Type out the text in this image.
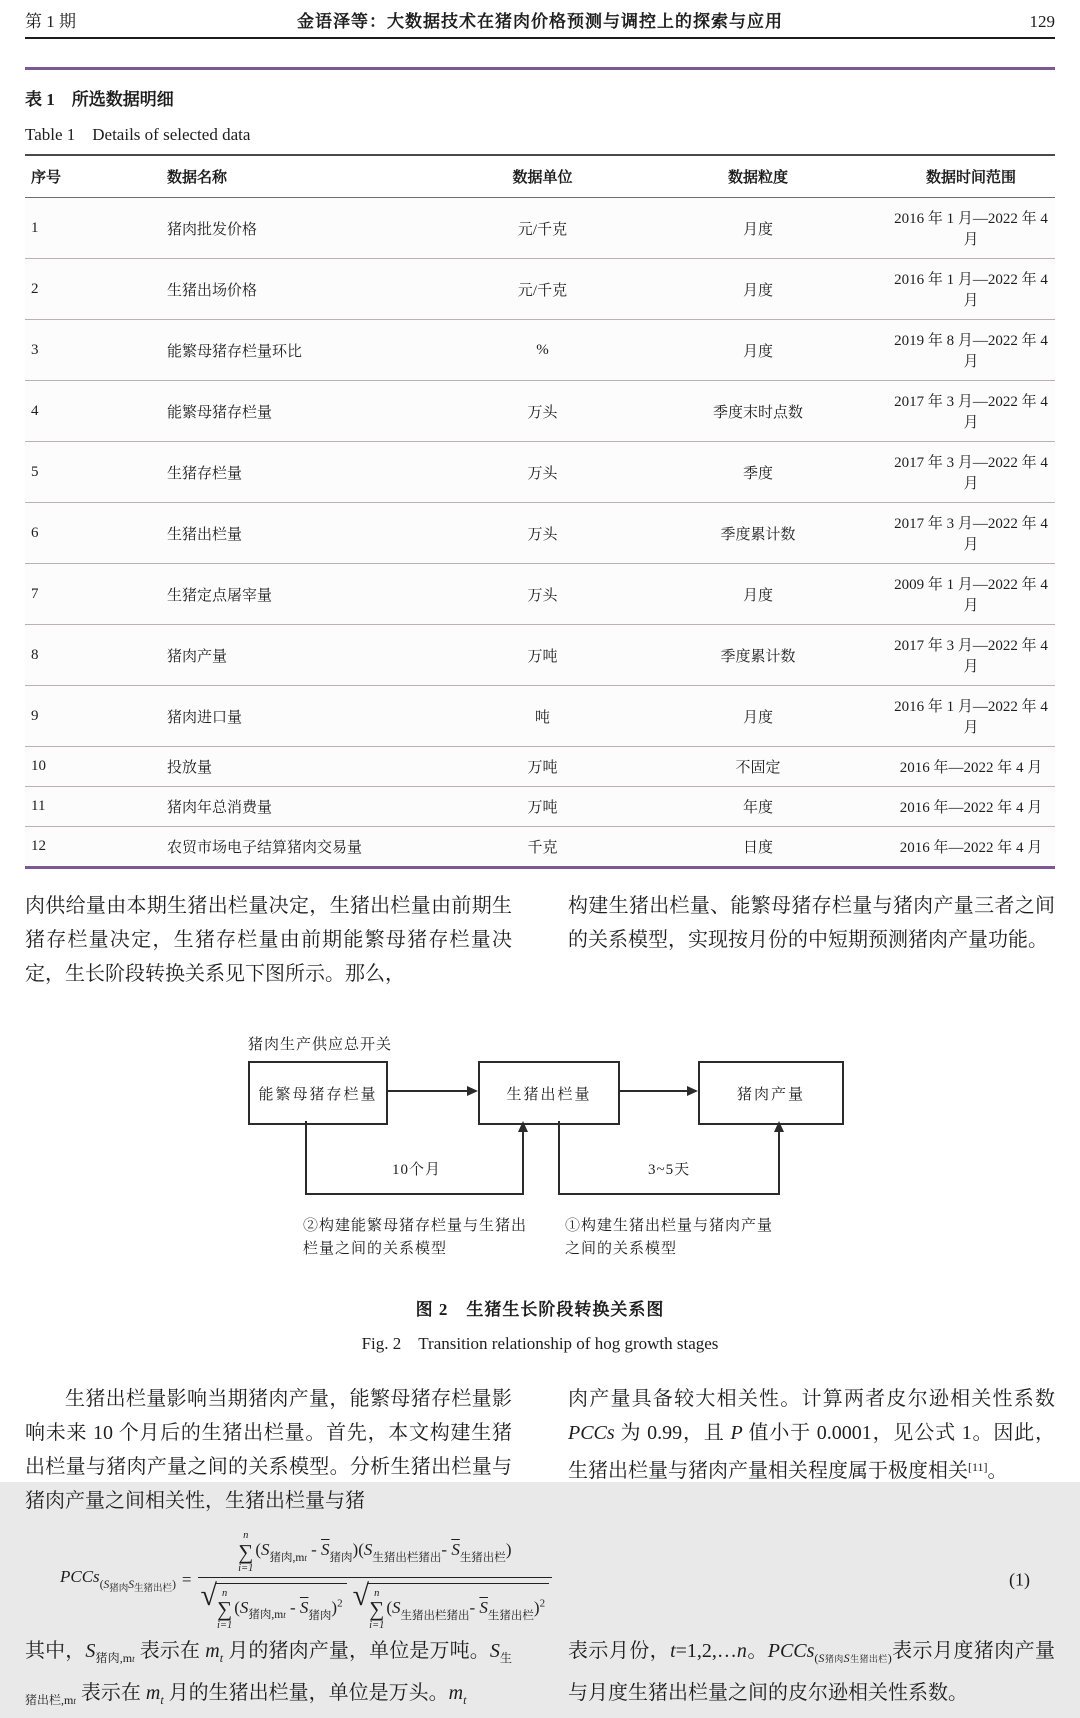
第 1 期	金语泽等：大数据技术在猪肉价格预测与调控上的探索与应用	129
表 1　所选数据明细
Table 1　Details of selected data
序号	数据名称	数据单位	数据粒度	数据时间范围
1	猪肉批发价格	元/千克	月度	2016 年 1 月—2022 年 4 月
2	生猪出场价格	元/千克	月度	2016 年 1 月—2022 年 4 月
3	能繁母猪存栏量环比	%	月度	2019 年 8 月—2022 年 4 月
4	能繁母猪存栏量	万头	季度末时点数	2017 年 3 月—2022 年 4 月
5	生猪存栏量	万头	季度	2017 年 3 月—2022 年 4 月
6	生猪出栏量	万头	季度累计数	2017 年 3 月—2022 年 4 月
7	生猪定点屠宰量	万头	月度	2009 年 1 月—2022 年 4 月
8	猪肉产量	万吨	季度累计数	2017 年 3 月—2022 年 4 月
9	猪肉进口量	吨	月度	2016 年 1 月—2022 年 4 月
10	投放量	万吨	不固定	2016 年—2022 年 4 月
11	猪肉年总消费量	万吨	年度	2016 年—2022 年 4 月
12	农贸市场电子结算猪肉交易量	千克	日度	2016 年—2022 年 4 月

肉供给量由本期生猪出栏量决定，生猪出栏量由前期生猪存栏量决定，生猪存栏量由前期能繁母猪存栏量决定，生长阶段转换关系见下图所示。那么，

构建生猪出栏量、能繁母猪存栏量与猪肉产量三者之间的关系模型，实现按月份的中短期预测猪肉产量功能。

猪肉生产供应总开关
能繁母猪存栏量	生猪出栏量	猪肉产量
10个月	3~5天
②构建能繁母猪存栏量与生猪出
栏量之间的关系模型
①构建生猪出栏量与猪肉产量
之间的关系模型
图 2　生猪生长阶段转换关系图
Fig. 2　Transition relationship of hog growth stages

生猪出栏量影响当期猪肉产量，能繁母猪存栏量影响未来 10 个月后的生猪出栏量。首先，本文构建生猪出栏量与猪肉产量之间的关系模型。分析生猪出栏量与猪肉产量之间相关性，生猪出栏量与猪

肉产量具备较大相关性。计算两者皮尔逊相关性系数 PCCs 为 0.99，且 P 值小于 0.0001，见公式 1。因此，生猪出栏量与猪肉产量相关程度属于极度相关[11]。

PCCs$_{(S_{猪肉}S_{生猪出栏})}$ = n
∑
i=1
$(S_{猪肉,mt} - \overline{S}_{猪肉})(S_{生猪出栏猪出}-$ $\overline{S}_{生猪出栏}$)
√ n
∑
i=1
$(S_{猪肉,mt} - \overline{S}_{猪肉})^2$ √ n
∑
i=1
($S_{生猪出栏猪出}-$ $\overline{S}_{生猪出栏})^2$	(1)

其中，$S_{猪肉,mt}$ 表示在 $m_t$ 月的猪肉产量，单位是万吨。$S_{生猪出栏,mt}$ 表示在 $m_t$ 月的生猪出栏量，单位是万头。$m_t$

表示月份，t=1,2,…n。PCCs$_{(S猪肉S生猪出栏)}$表示月度猪肉产量与月度生猪出栏量之间的皮尔逊相关性系数。
